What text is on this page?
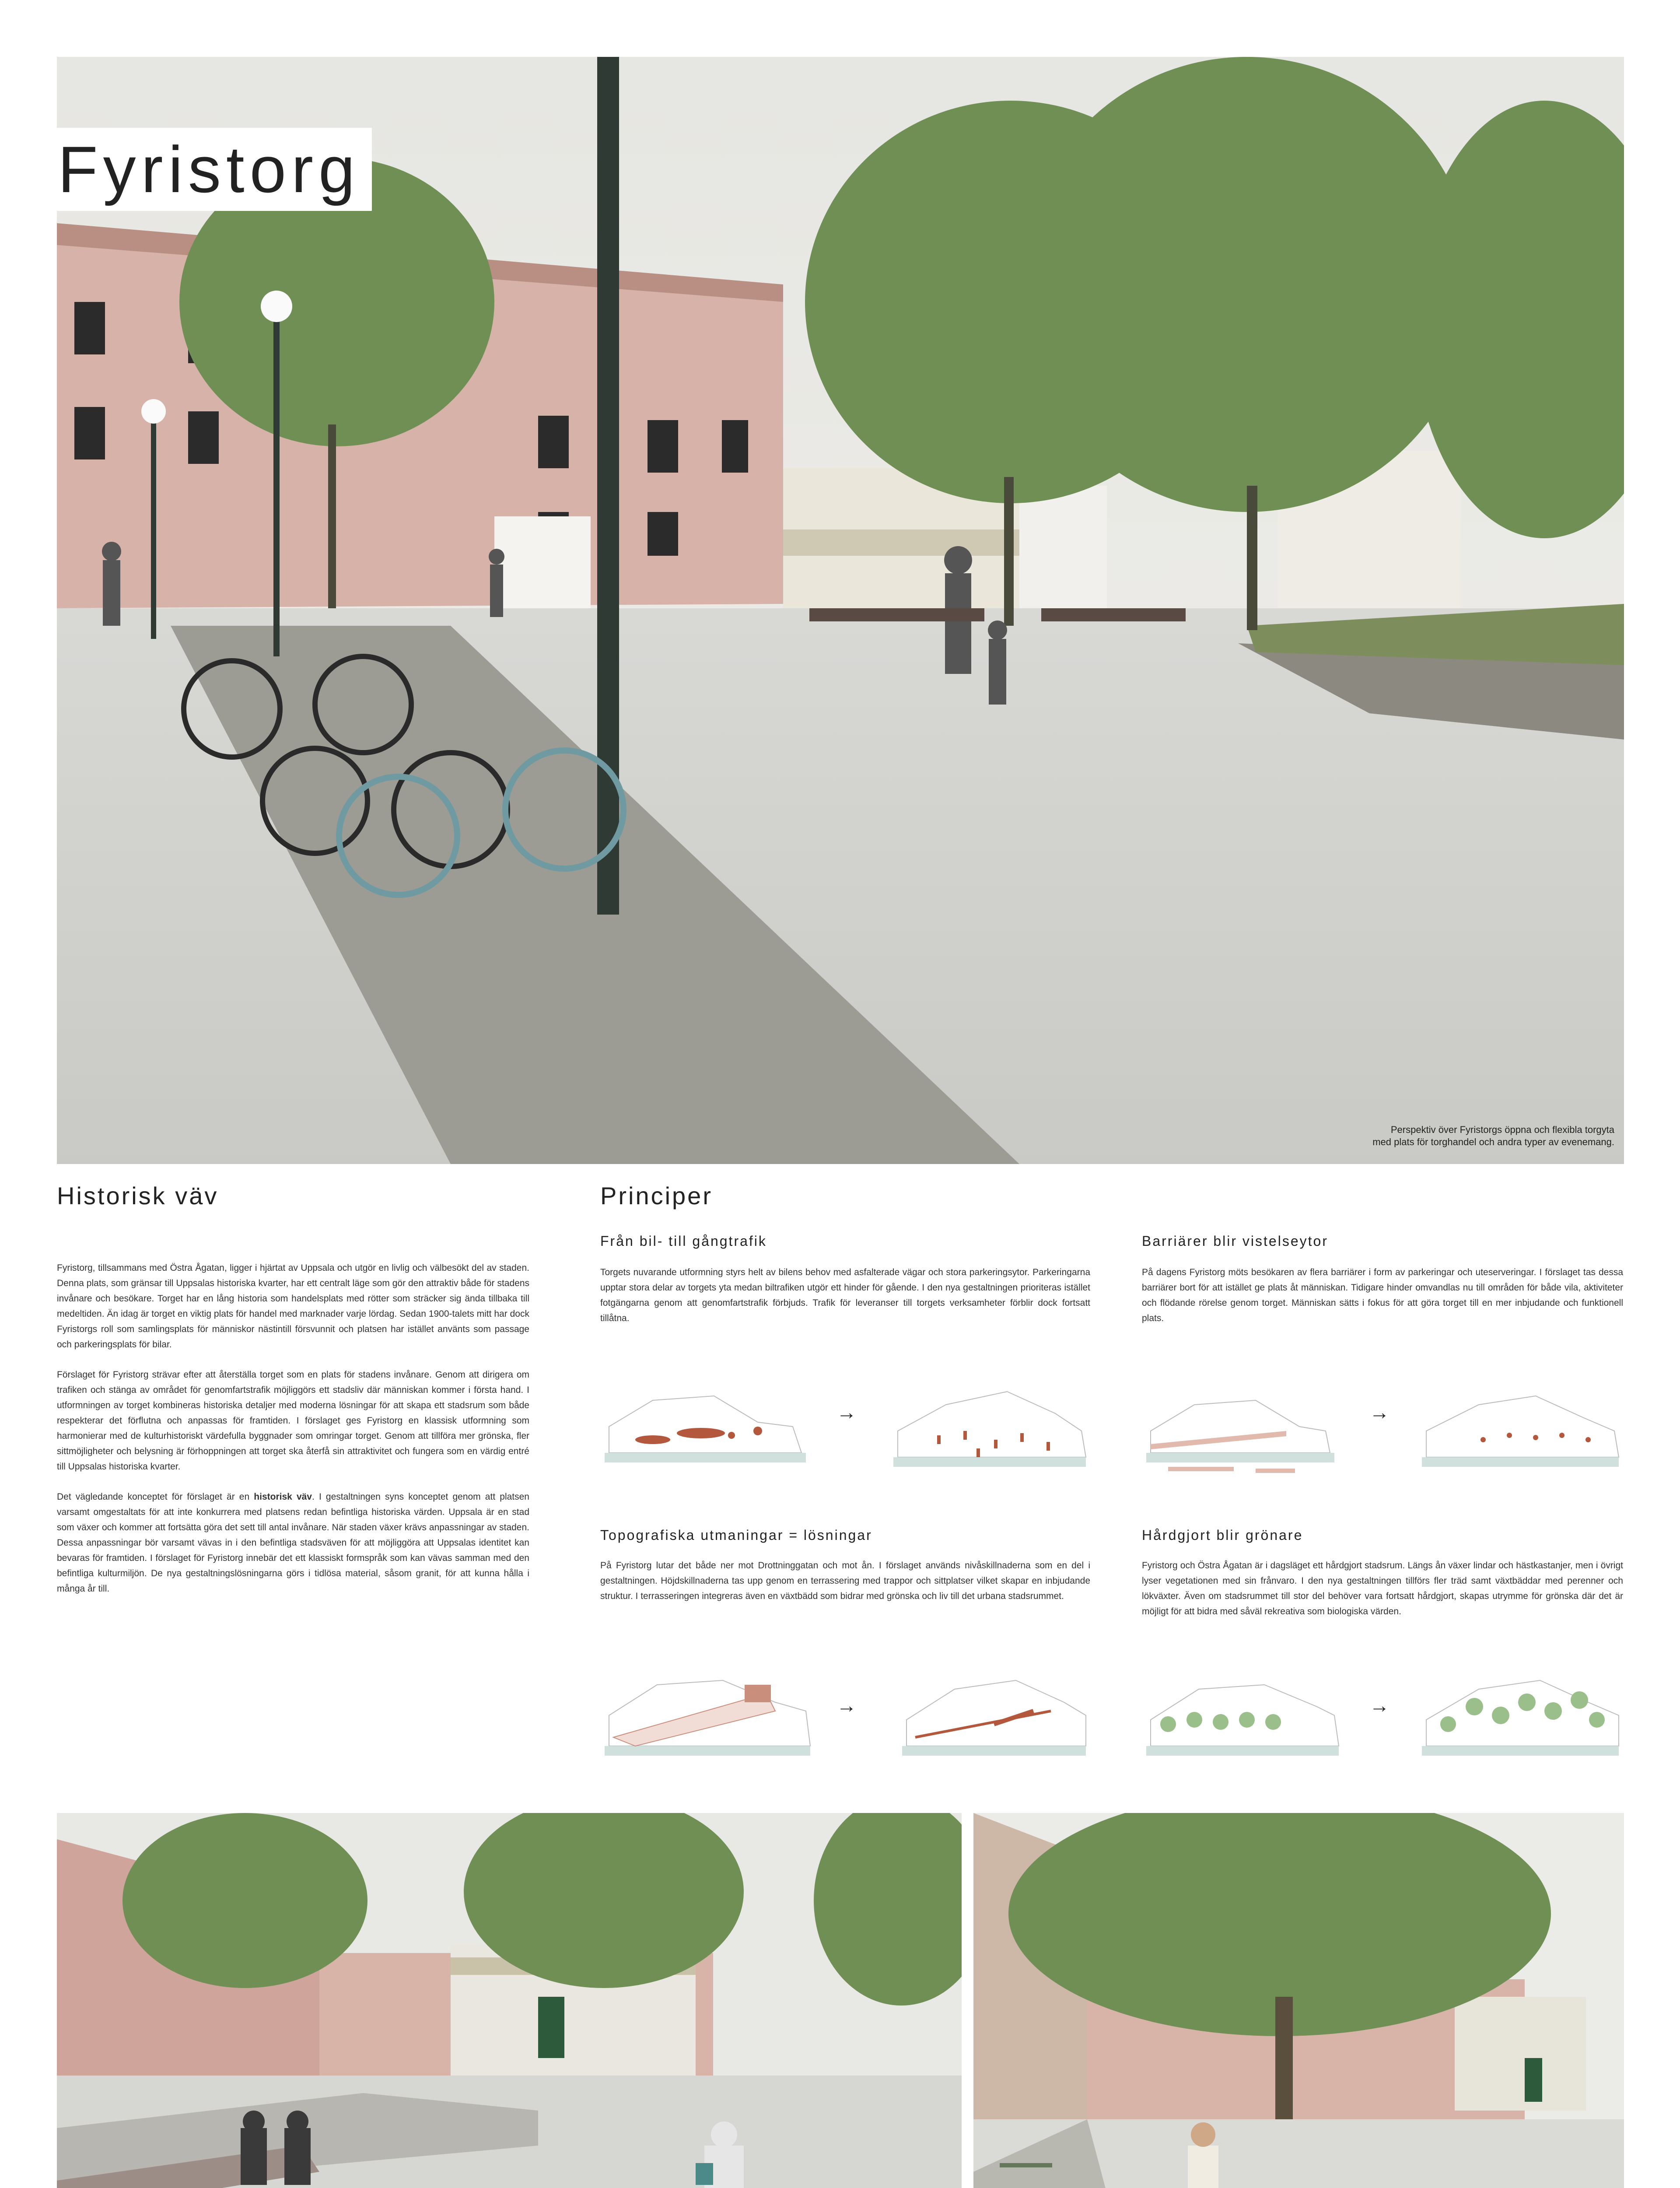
Fyristorg
Perspektiv över Fyristorgs öppna och flexibla torgyta med plats för torghandel och andra typer av evenemang.
Historisk väv

Fyristorg, tillsammans med Östra Ågatan, ligger i hjärtat av Uppsala och utgör en livlig och välbesökt del av staden. Denna plats, som gränsar till Uppsalas historiska kvarter, har ett centralt läge som gör den attraktiv både för stadens invånare och besökare. Torget har en lång historia som handelsplats med rötter som sträcker sig ända tillbaka till medeltiden. Än idag är torget en viktig plats för handel med marknader varje lördag. Sedan 1900-talets mitt har dock Fyristorgs roll som samlingsplats för människor nästintill försvunnit och platsen har istället använts som passage och parkeringsplats för bilar.

Förslaget för Fyristorg strävar efter att återställa torget som en plats för stadens invånare. Genom att dirigera om trafiken och stänga av området för genomfartstrafik möjliggörs ett stadsliv där människan kommer i första hand. I utformningen av torget kombineras historiska detaljer med moderna lösningar för att skapa ett stadsrum som både respekterar det förflutna och anpassas för framtiden. I förslaget ges Fyristorg en klassisk utformning som harmonierar med de kulturhistoriskt värdefulla byggnader som omringar torget. Genom att tillföra mer grönska, fler sittmöjligheter och belysning är förhoppningen att torget ska återfå sin attraktivitet och fungera som en värdig entré till Uppsalas historiska kvarter.

Det vägledande konceptet för förslaget är en historisk väv. I gestaltningen syns konceptet genom att platsen varsamt omgestaltats för att inte konkurrera med platsens redan befintliga historiska värden. Uppsala är en stad som växer och kommer att fortsätta göra det sett till antal invånare. När staden växer krävs anpassningar av staden. Dessa anpassningar bör varsamt vävas in i den befintliga stadsväven för att möjliggöra att Uppsalas identitet kan bevaras för framtiden. I förslaget för Fyristorg innebär det ett klassiskt formspråk som kan vävas samman med den befintliga kulturmiljön. De nya gestaltningslösningarna görs i tidlösa material, såsom granit, för att kunna hålla i många år till.

Principer
Från bil- till gångtrafik
Torgets nuvarande utformning styrs helt av bilens behov med asfalterade vägar och stora parkeringsytor. Parkeringarna upptar stora delar av torgets yta medan biltrafiken utgör ett hinder för gående. I den nya gestaltningen prioriteras istället fotgängarna genom att genomfartstrafik förbjuds. Trafik för leveranser till torgets verksamheter förblir dock fortsatt tillåtna.
Barriärer blir vistelseytor
På dagens Fyristorg möts besökaren av flera barriärer i form av parkeringar och uteserveringar. I förslaget tas dessa barriärer bort för att istället ge plats åt människan. Tidigare hinder omvandlas nu till områden för både vila, aktiviteter och flödande rörelse genom torget. Människan sätts i fokus för att göra torget till en mer inbjudande och funktionell plats.
Topografiska utmaningar = lösningar
På Fyristorg lutar det både ner mot Drottninggatan och mot ån. I förslaget används nivåskillnaderna som en del i gestaltningen. Höjdskillnaderna tas upp genom en terrassering med trappor och sittplatser vilket skapar en inbjudande struktur. I terrasseringen integreras även en växtbädd som bidrar med grönska och liv till det urbana stadsrummet.
Hårdgjort blir grönare
Fyristorg och Östra Ågatan är i dagsläget ett hårdgjort stadsrum. Längs ån växer lindar och hästkastanjer, men i övrigt lyser vegetationen med sin frånvaro. I den nya gestaltningen tillförs fler träd samt växtbäddar med perenner och lökväxter. Även om stadsrummet till stor del behöver vara fortsatt hårdgjort, skapas utrymme för grönska där det är möjligt för att bidra med såväl rekreativa som biologiska värden.
→	→
→	→
